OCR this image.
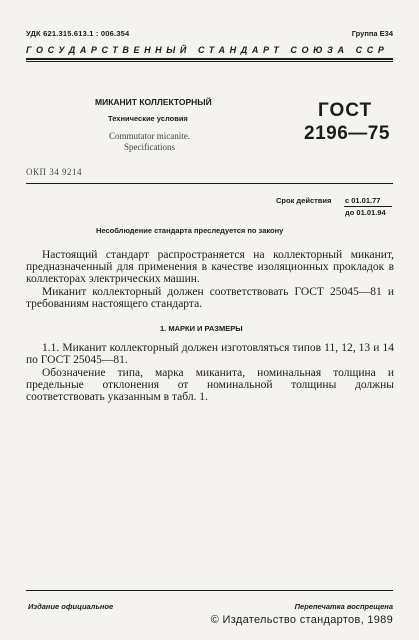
УДК 621.315.613.1 : 006.354	Группа Е34
ГОСУДАРСТВЕННЫЙ СТАНДАРТ СОЮЗА ССР
МИКАНИТ КОЛЛЕКТОРНЫЙ
Технические условия
Commutator micanite.
Specifications
ГОСТ
2196—75
ОКП 34 9214
Срок действия с 01.01.77
до 01.01.94
Несоблюдение стандарта преследуется по закону
Настоящий стандарт распространяется на коллекторный миканит, предназначенный для применения в качестве изоляционных прокладок в коллекторах электрических машин.
Миканит коллекторный должен соответствовать ГОСТ 25045—81 и требованиям настоящего стандарта.
1. МАРКИ И РАЗМЕРЫ
1.1. Миканит коллекторный должен изготовляться типов 11, 12, 13 и 14 по ГОСТ 25045—81.
Обозначение типа, марка миканита, номинальная толщина и предельные отклонения от номинальной толщины должны соответствовать указанным в табл. 1.
Издание официальное	Перепечатка воспрещена
© Издательство стандартов, 1989
